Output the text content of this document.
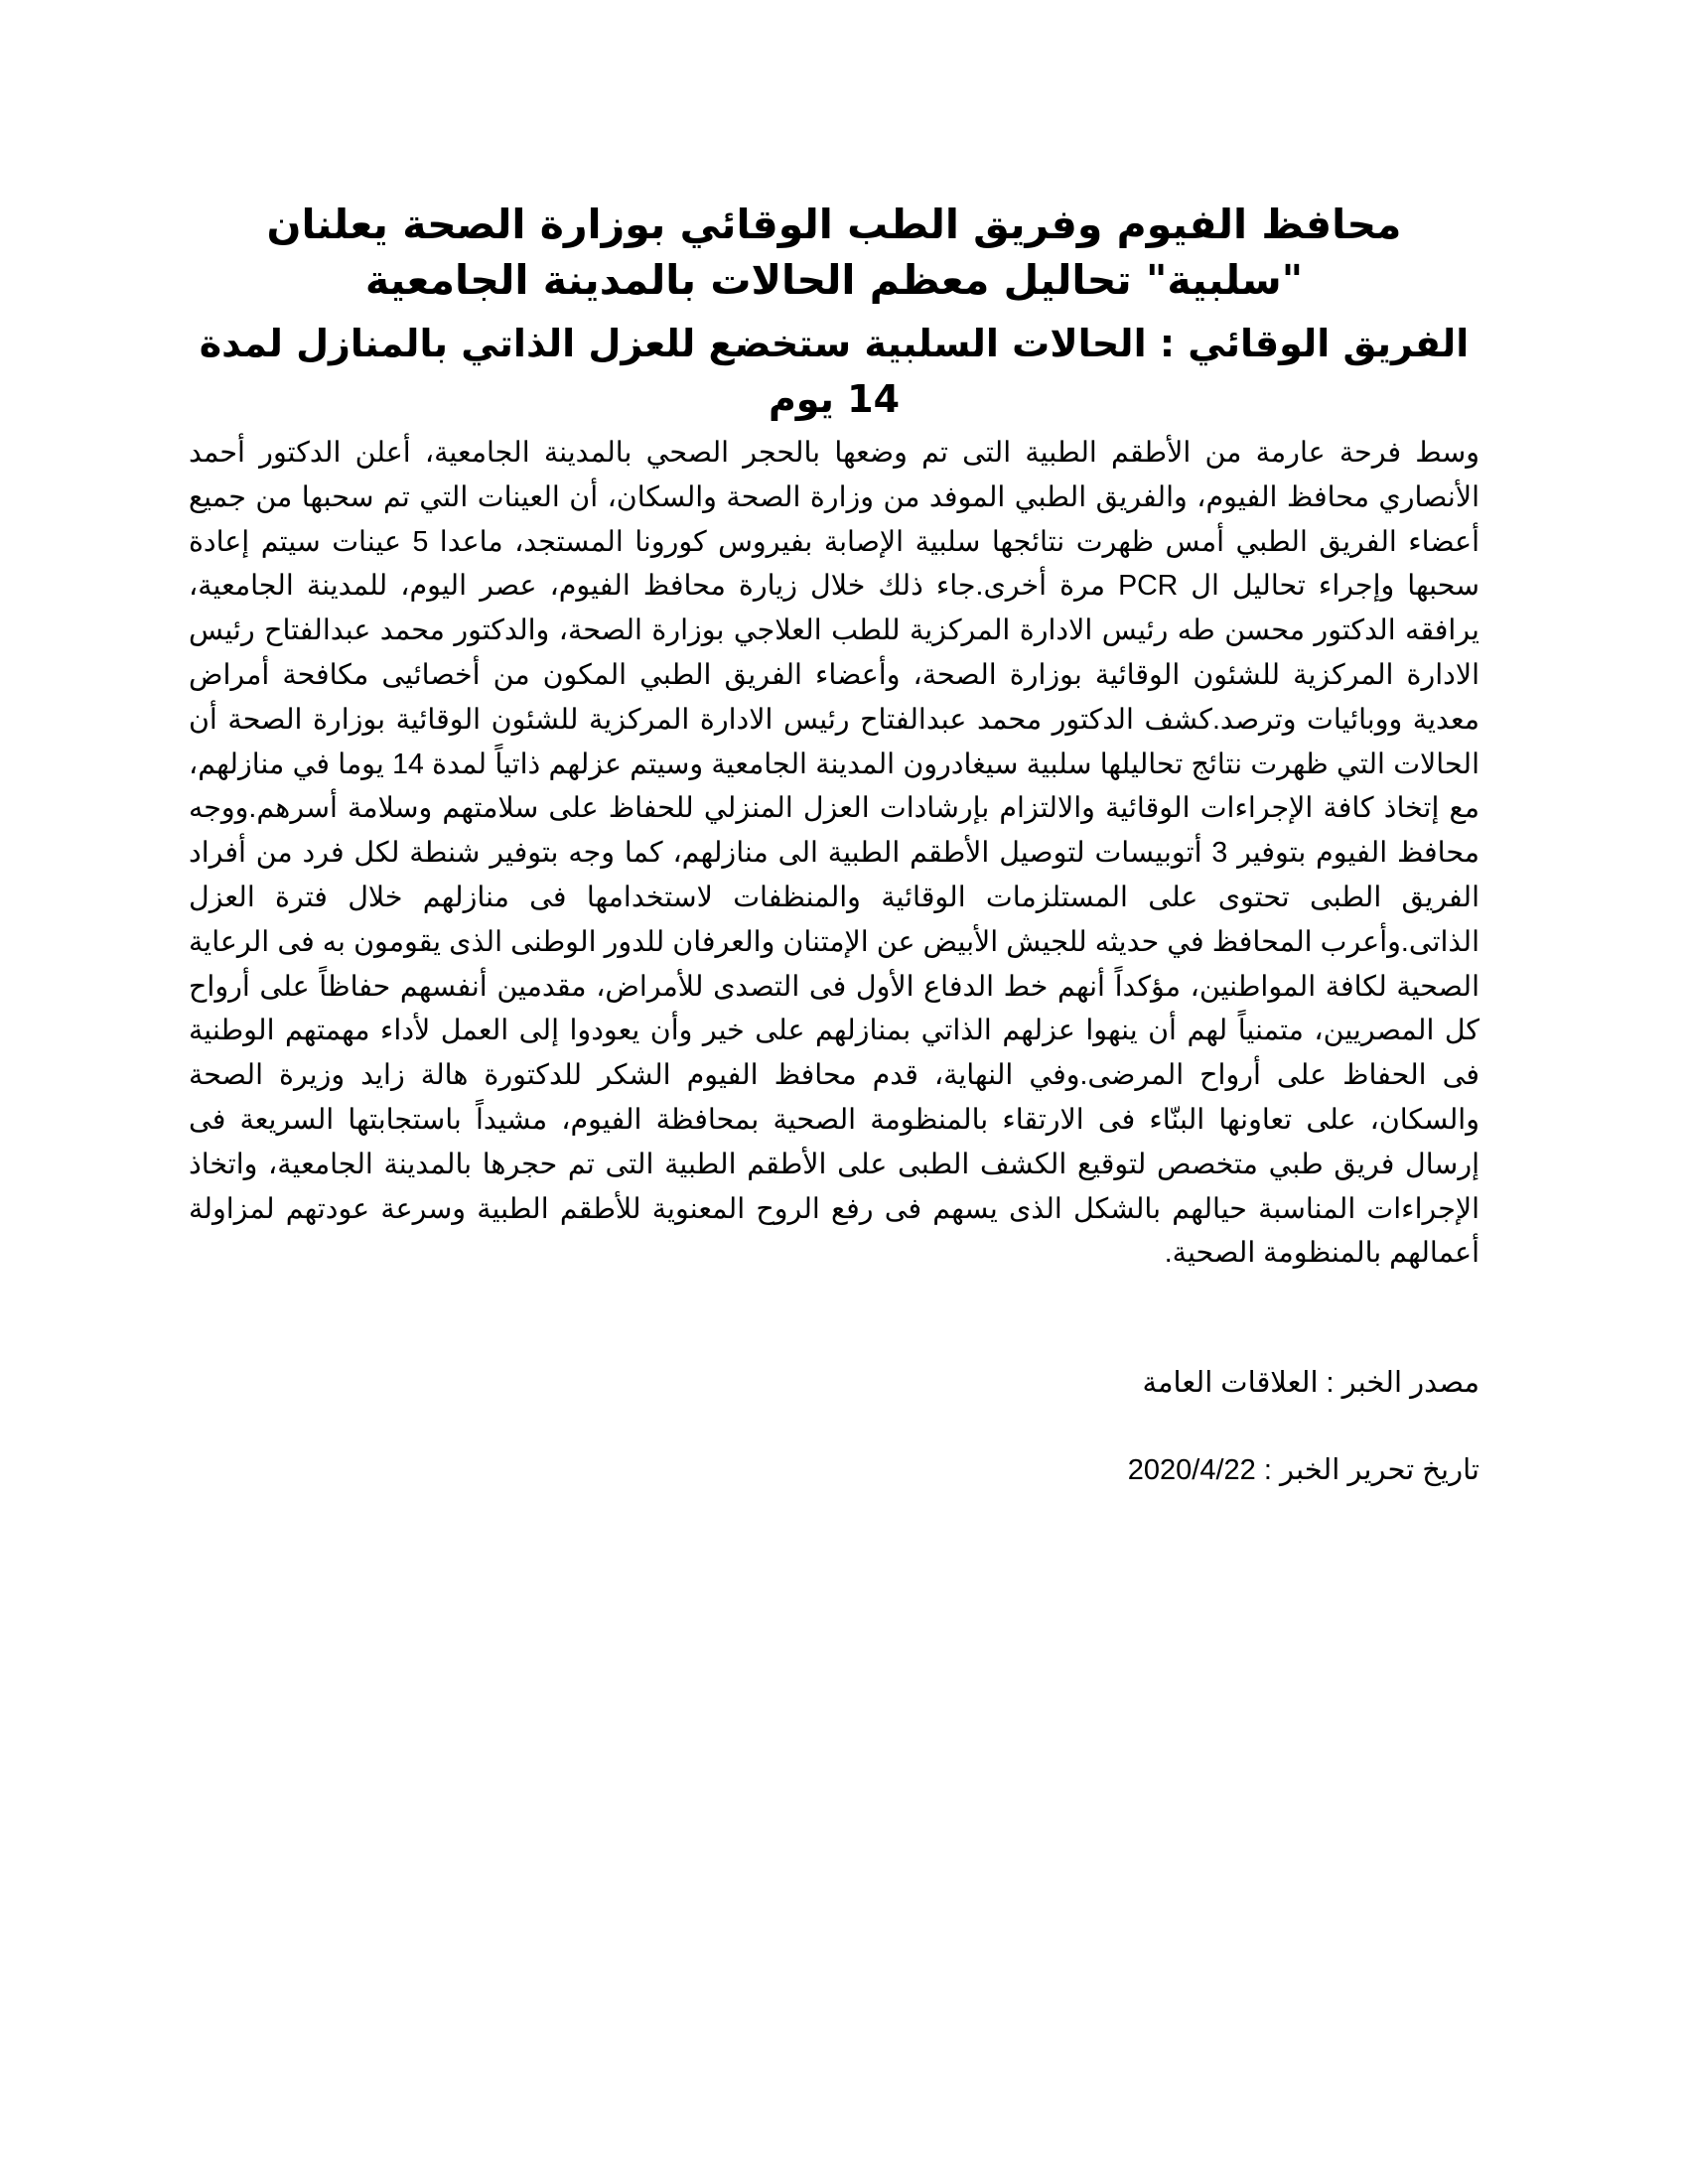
محافظ الفيوم وفريق الطب الوقائي بوزارة الصحة يعلنان "سلبية" تحاليل معظم الحالات بالمدينة الجامعية
الفريق الوقائي : الحالات السلبية ستخضع للعزل الذاتي بالمنازل لمدة 14 يوم

وسط فرحة عارمة من الأطقم الطبية التى تم وضعها بالحجر الصحي بالمدينة الجامعية، أعلن الدكتور أحمد الأنصاري محافظ الفيوم، والفريق الطبي الموفد من وزارة الصحة والسكان، أن العينات التي تم سحبها من جميع أعضاء الفريق الطبي أمس ظهرت نتائجها سلبية الإصابة بفيروس كورونا المستجد، ماعدا 5 عينات سيتم إعادة سحبها وإجراء تحاليل ال PCR مرة أخرى.جاء ذلك خلال زيارة محافظ الفيوم، عصر اليوم، للمدينة الجامعية، يرافقه الدكتور محسن طه رئيس الادارة المركزية للطب العلاجي بوزارة الصحة، والدكتور محمد عبدالفتاح رئيس الادارة المركزية للشئون الوقائية بوزارة الصحة، وأعضاء الفريق الطبي المكون من أخصائيى مكافحة أمراض معدية ووبائيات وترصد.كشف الدكتور محمد عبدالفتاح رئيس الادارة المركزية للشئون الوقائية بوزارة الصحة أن الحالات التي ظهرت نتائج تحاليلها سلبية سيغادرون المدينة الجامعية وسيتم عزلهم ذاتياً لمدة 14 يوما في منازلهم، مع إتخاذ كافة الإجراءات الوقائية والالتزام بإرشادات العزل المنزلي للحفاظ على سلامتهم وسلامة أسرهم.ووجه محافظ الفيوم بتوفير 3 أتوبيسات لتوصيل الأطقم الطبية الى منازلهم، كما وجه بتوفير شنطة لكل فرد من أفراد الفريق الطبى تحتوى على المستلزمات الوقائية والمنظفات لاستخدامها فى منازلهم خلال فترة العزل الذاتى.وأعرب المحافظ في حديثه للجيش الأبيض عن الإمتنان والعرفان للدور الوطنى الذى يقومون به فى الرعاية الصحية لكافة المواطنين، مؤكداً أنهم خط الدفاع الأول فى التصدى للأمراض، مقدمين أنفسهم حفاظاً على أرواح كل المصريين، متمنياً لهم أن ينهوا عزلهم الذاتي بمنازلهم على خير وأن يعودوا إلى العمل لأداء مهمتهم الوطنية فى الحفاظ على أرواح المرضى.وفي النهاية، قدم محافظ الفيوم الشكر للدكتورة هالة زايد وزيرة الصحة والسكان، على تعاونها البنّاء فى الارتقاء بالمنظومة الصحية بمحافظة الفيوم، مشيداً باستجابتها السريعة فى إرسال فريق طبي متخصص لتوقيع الكشف الطبى على الأطقم الطبية التى تم حجرها بالمدينة الجامعية، واتخاذ الإجراءات المناسبة حيالهم بالشكل الذى يسهم فى رفع الروح المعنوية للأطقم الطبية وسرعة عودتهم لمزاولة أعمالهم بالمنظومة الصحية.

مصدر الخبر : العلاقات العامة

تاريخ تحرير الخبر : 2020/4/22
